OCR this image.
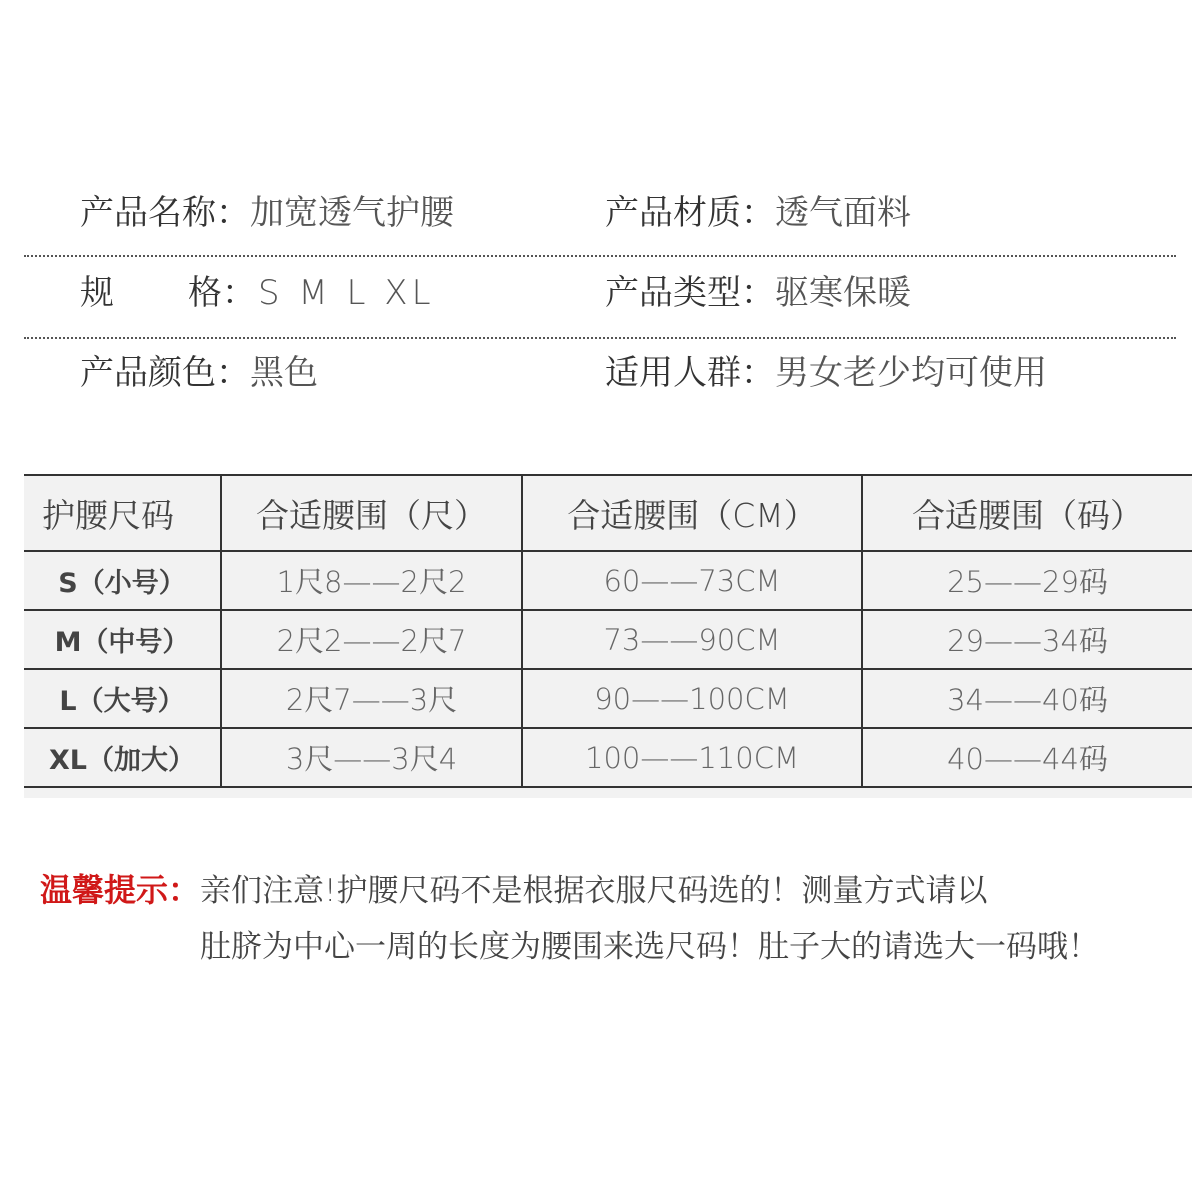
产品名称：加宽透气护腰	产品材质：透气面料
规 格：S M L XL	产品类型：驱寒保暖
产品颜色：黑色	适用人群：男女老少均可使用
护腰尺码	合适腰围（尺）	合适腰围（CM）	合适腰围（码）
S（小号）	1尺8——2尺2	60——73CM	25——29码
M（中号）	2尺2——2尺7	73——90CM	29——34码
L（大号）	2尺7——3尺	90——100CM	34——40码
XL（加大）	3尺——3尺4	100——110CM	40——44码
温馨提示：亲们注意!护腰尺码不是根据衣服尺码选的！测量方式请以
肚脐为中心一周的长度为腰围来选尺码！肚子大的请选大一码哦！
